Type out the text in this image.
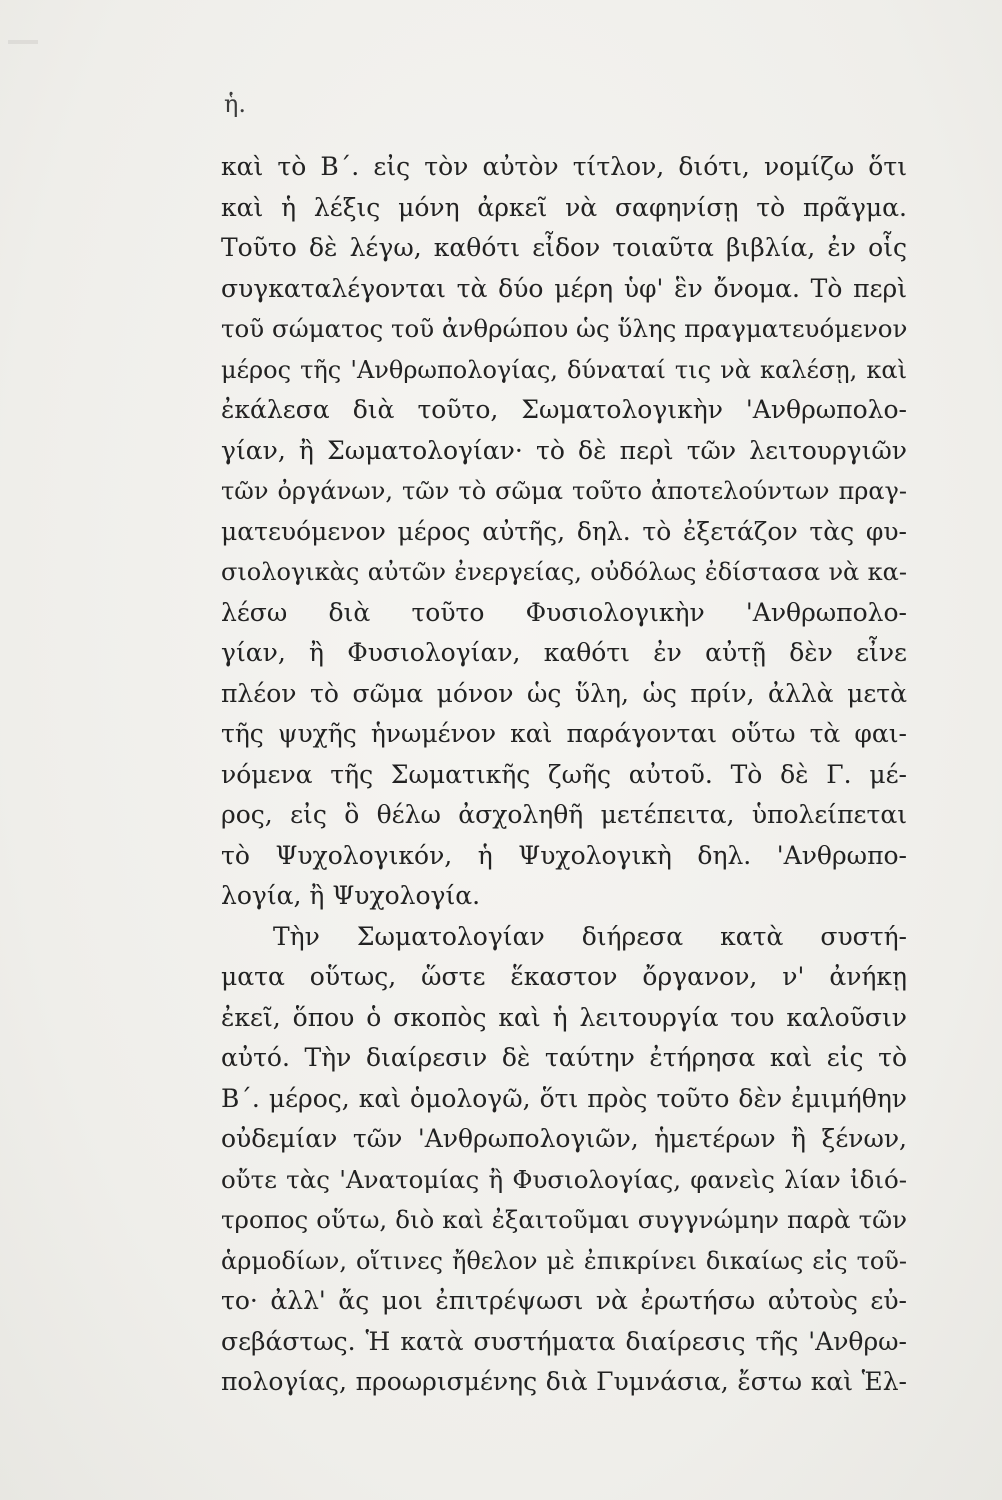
ἡ.
καὶ τὸ Β΄. εἰς τὸν αὐτὸν τίτλον, διότι, νομίζω ὅτι
καὶ ἡ λέξις μόνη ἀρκεῖ νὰ σαφηνίσῃ τὸ πρᾶγμα.
Τοῦτο δὲ λέγω, καθότι εἶδον τοιαῦτα βιβλία, ἐν οἷς
συγκαταλέγονται τὰ δύο μέρη ὑφ' ἓν ὄνομα. Τὸ περὶ
τοῦ σώματος τοῦ ἀνθρώπου ὡς ὕλης πραγματευόμενον
μέρος τῆς 'Ανθρωπολογίας, δύναταί τις νὰ καλέσῃ, καὶ
ἐκάλεσα διὰ τοῦτο, Σωματολογικὴν 'Ανθρωπολο-
γίαν, ἢ Σωματολογίαν· τὸ δὲ περὶ τῶν λειτουργιῶν
τῶν ὀργάνων, τῶν τὸ σῶμα τοῦτο ἀποτελούντων πραγ-
ματευόμενον μέρος αὐτῆς, δηλ. τὸ ἐξετάζον τὰς φυ-
σιολογικὰς αὐτῶν ἐνεργείας, οὐδόλως ἐδίστασα νὰ κα-
λέσω διὰ τοῦτο Φυσιολογικὴν 'Ανθρωπολο-
γίαν, ἢ Φυσιολογίαν, καθότι ἐν αὐτῇ δὲν εἶνε
πλέον τὸ σῶμα μόνον ὡς ὕλη, ὡς πρίν, ἀλλὰ μετὰ
τῆς ψυχῆς ἡνωμένον καὶ παράγονται οὕτω τὰ φαι-
νόμενα τῆς Σωματικῆς ζωῆς αὐτοῦ. Τὸ δὲ Γ. μέ-
ρος, εἰς ὃ θέλω ἀσχοληθῆ μετέπειτα, ὑπολείπεται
τὸ Ψυχολογικόν, ἡ Ψυχολογικὴ δηλ. 'Ανθρωπο-
λογία, ἢ Ψυχολογία.
Τὴν Σωματολογίαν διήρεσα κατὰ συστή-
ματα οὕτως, ὥστε ἕκαστον ὄργανον, ν' ἀνήκῃ
ἐκεῖ, ὅπου ὁ σκοπὸς καὶ ἡ λειτουργία του καλοῦσιν
αὐτό. Τὴν διαίρεσιν δὲ ταύτην ἐτήρησα καὶ εἰς τὸ
Β΄. μέρος, καὶ ὁμολογῶ, ὅτι πρὸς τοῦτο δὲν ἐμιμήθην
οὐδεμίαν τῶν 'Ανθρωπολογιῶν, ἡμετέρων ἢ ξένων,
οὔτε τὰς 'Ανατομίας ἢ Φυσιολογίας, φανεὶς λίαν ἰδιό-
τροπος οὕτω, διὸ καὶ ἐξαιτοῦμαι συγγνώμην παρὰ τῶν
ἁρμοδίων, οἵτινες ἤθελον μὲ ἐπικρίνει δικαίως εἰς τοῦ-
το· ἀλλ' ἄς μοι ἐπιτρέψωσι νὰ ἐρωτήσω αὐτοὺς εὐ-
σεβάστως. Ἡ κατὰ συστήματα διαίρεσις τῆς 'Ανθρω-
πολογίας, προωρισμένης διὰ Γυμνάσια, ἔστω καὶ Ἑλ-
